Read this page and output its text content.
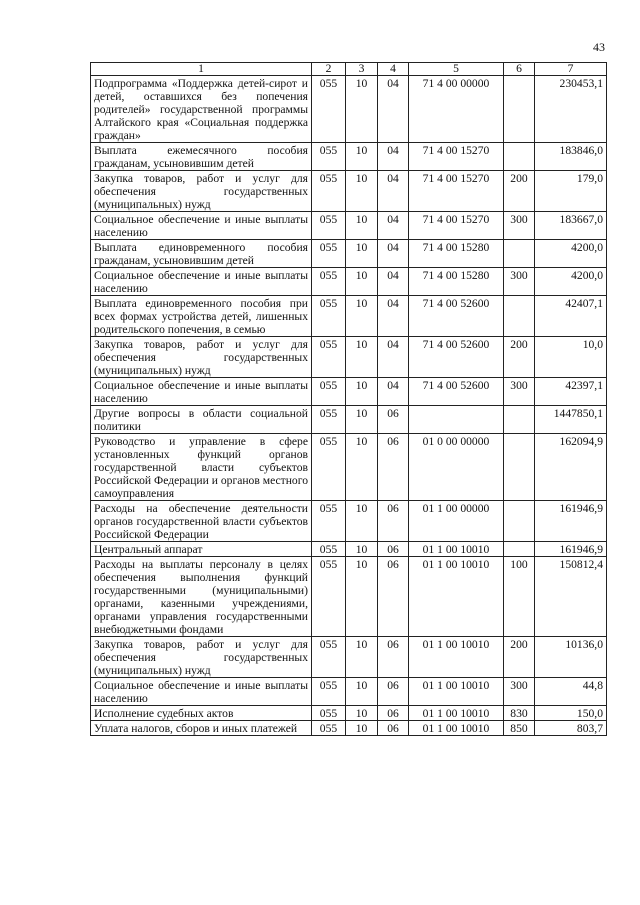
43
1	2	3	4	5	6	7
Подпрограмма «Поддержка детей-сирот и детей, оставшихся без попечения родителей» государственной программы Алтайского края «Социальная поддержка граждан»	055	10	04	71 4 00 00000		230453,1
Выплата ежемесячного пособия гражданам, усыновившим детей	055	10	04	71 4 00 15270		183846,0
Закупка товаров, работ и услуг для обеспечения государственных (муниципальных) нужд	055	10	04	71 4 00 15270	200	179,0
Социальное обеспечение и иные выплаты населению	055	10	04	71 4 00 15270	300	183667,0
Выплата единовременного пособия гражданам, усыновившим детей	055	10	04	71 4 00 15280		4200,0
Социальное обеспечение и иные выплаты населению	055	10	04	71 4 00 15280	300	4200,0
Выплата единовременного пособия при всех формах устройства детей, лишенных родительского попечения, в семью	055	10	04	71 4 00 52600		42407,1
Закупка товаров, работ и услуг для обеспечения государственных (муниципальных) нужд	055	10	04	71 4 00 52600	200	10,0
Социальное обеспечение и иные выплаты населению	055	10	04	71 4 00 52600	300	42397,1
Другие вопросы в области социальной политики	055	10	06			1447850,1
Руководство и управление в сфере установленных функций органов государственной власти субъектов Российской Федерации и органов местного самоуправления	055	10	06	01 0 00 00000		162094,9
Расходы на обеспечение деятельности органов государственной власти субъектов Российской Федерации	055	10	06	01 1 00 00000		161946,9
Центральный аппарат	055	10	06	01 1 00 10010		161946,9
Расходы на выплаты персоналу в целях обеспечения выполнения функций государственными (муниципальными) органами, казенными учреждениями, органами управления государственными внебюджетными фондами	055	10	06	01 1 00 10010	100	150812,4
Закупка товаров, работ и услуг для обеспечения государственных (муниципальных) нужд	055	10	06	01 1 00 10010	200	10136,0
Социальное обеспечение и иные выплаты населению	055	10	06	01 1 00 10010	300	44,8
Исполнение судебных актов	055	10	06	01 1 00 10010	830	150,0
Уплата налогов, сборов и иных платежей	055	10	06	01 1 00 10010	850	803,7
